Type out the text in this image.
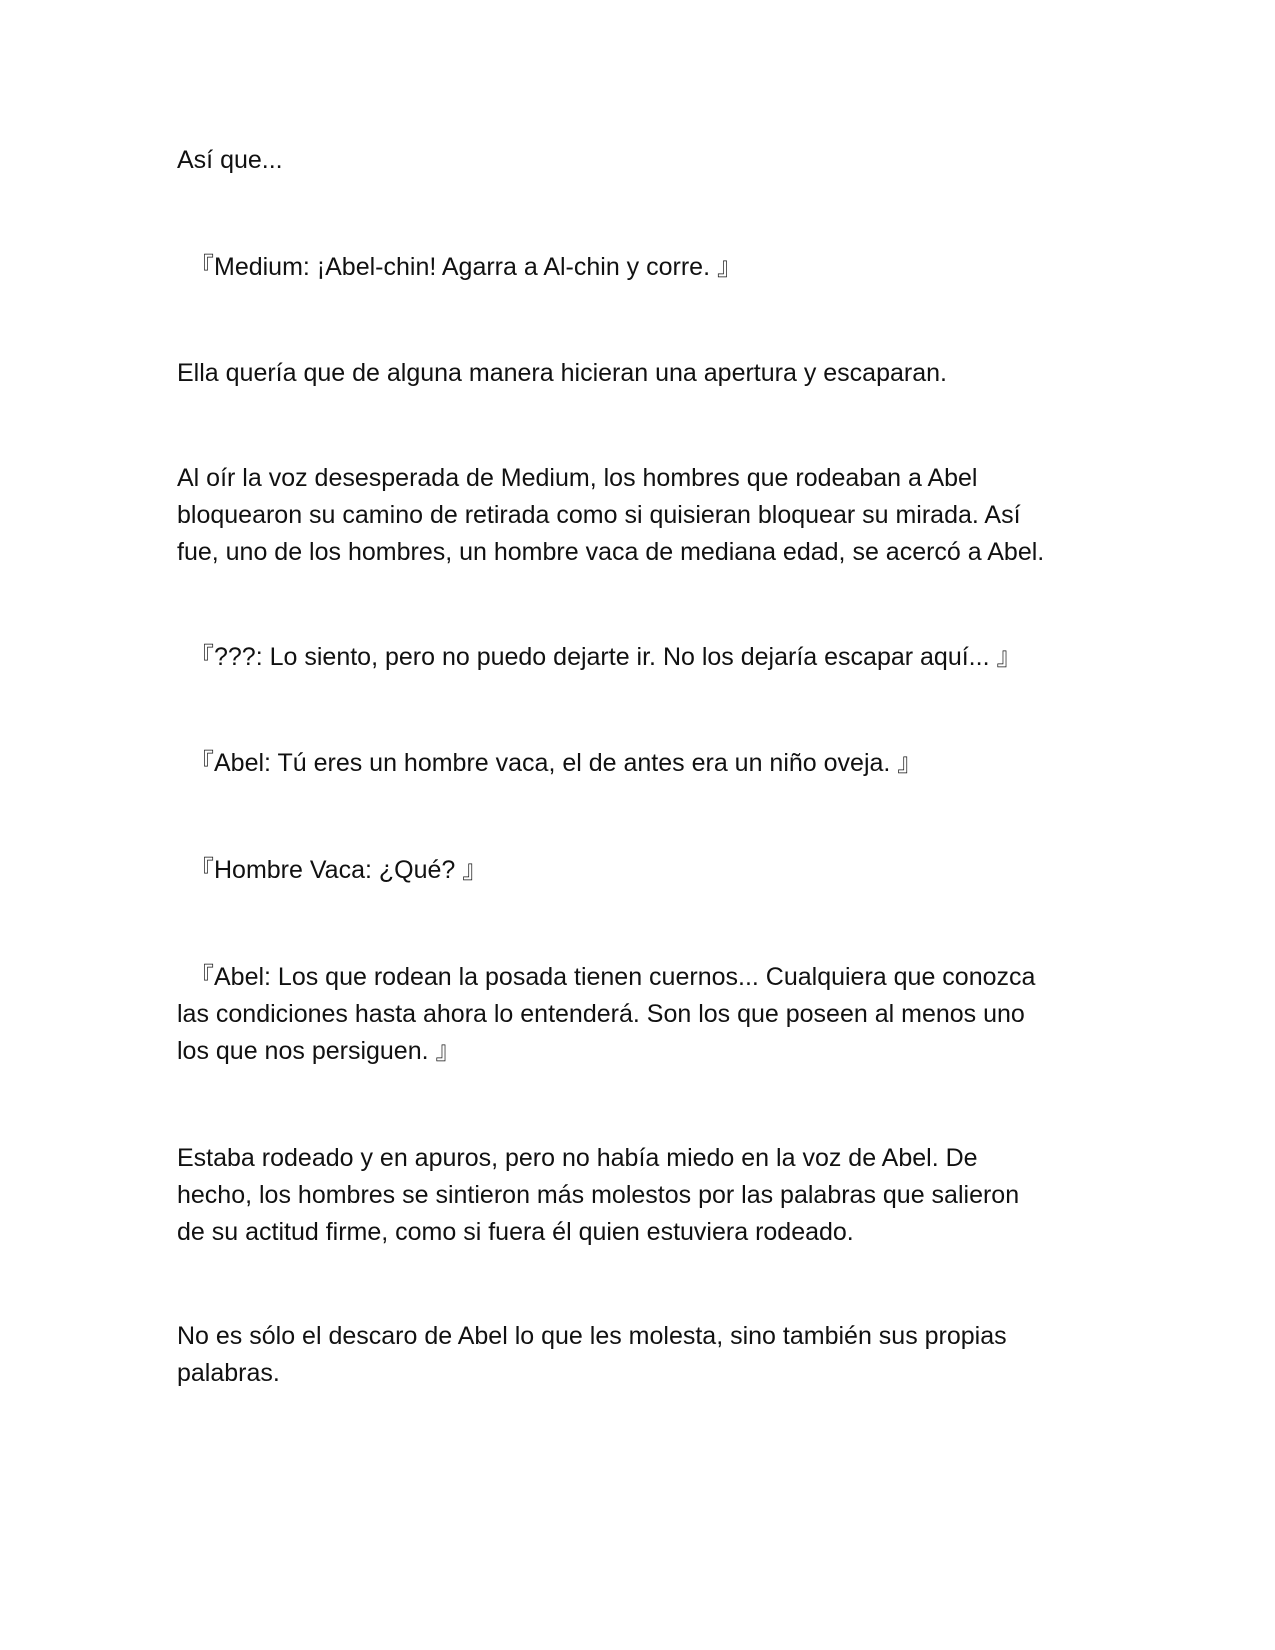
Así que...

『Medium: ¡Abel-chin! Agarra a Al-chin y corre. 』

Ella quería que de alguna manera hicieran una apertura y escaparan.

Al oír la voz desesperada de Medium, los hombres que rodeaban a Abel
bloquearon su camino de retirada como si quisieran bloquear su mirada. Así
fue, uno de los hombres, un hombre vaca de mediana edad, se acercó a Abel.

『???: Lo siento, pero no puedo dejarte ir. No los dejaría escapar aquí... 』

『Abel: Tú eres un hombre vaca, el de antes era un niño oveja. 』

『Hombre Vaca: ¿Qué? 』

『Abel: Los que rodean la posada tienen cuernos... Cualquiera que conozca
las condiciones hasta ahora lo entenderá. Son los que poseen al menos uno
los que nos persiguen. 』

Estaba rodeado y en apuros, pero no había miedo en la voz de Abel. De
hecho, los hombres se sintieron más molestos por las palabras que salieron
de su actitud firme, como si fuera él quien estuviera rodeado.

No es sólo el descaro de Abel lo que les molesta, sino también sus propias
palabras.
